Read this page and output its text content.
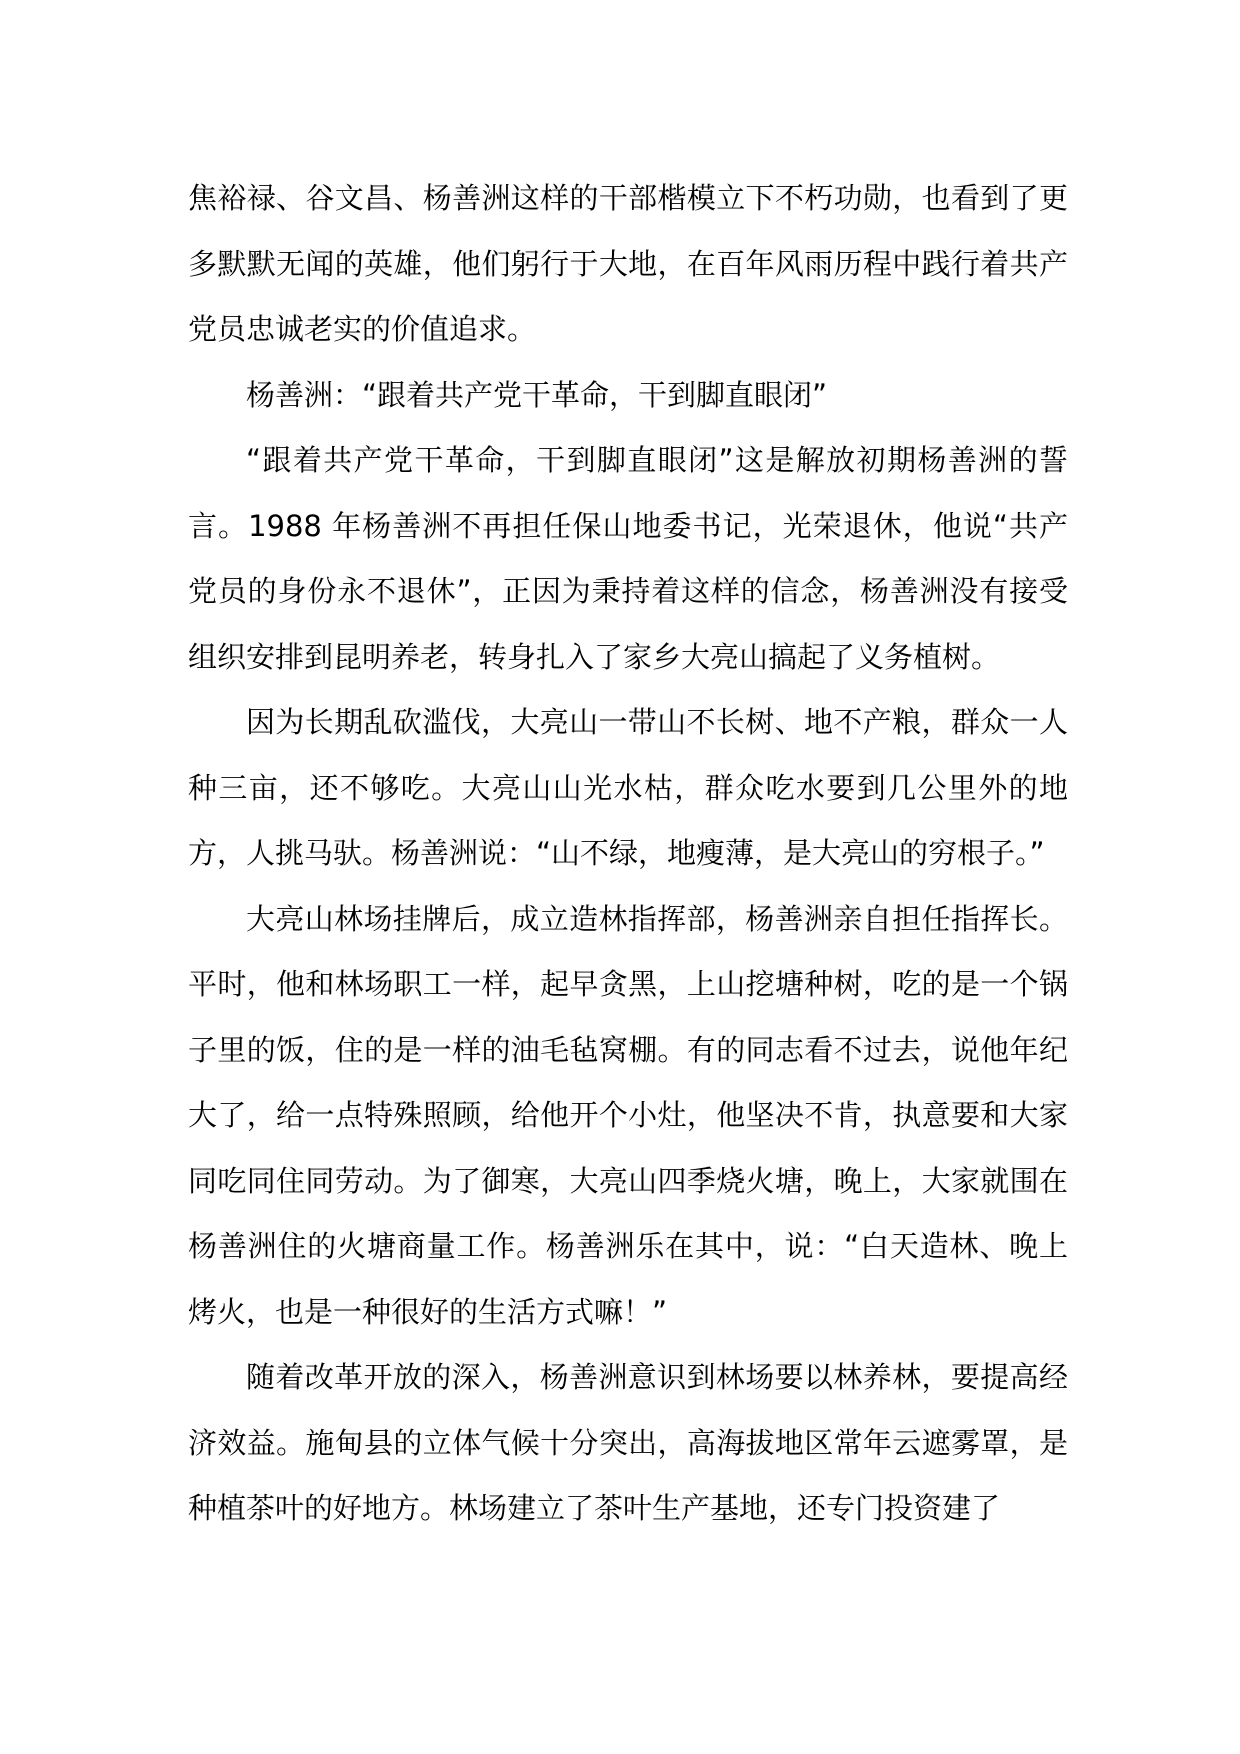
焦裕禄、谷文昌、杨善洲这样的干部楷模立下不朽功勋，也看到了更多默默无闻的英雄，他们躬行于大地，在百年风雨历程中践行着共产党员忠诚老实的价值追求。

杨善洲：“跟着共产党干革命，干到脚直眼闭”

“跟着共产党干革命，干到脚直眼闭”这是解放初期杨善洲的誓言。1988 年杨善洲不再担任保山地委书记，光荣退休，他说“共产党员的身份永不退休”，正因为秉持着这样的信念，杨善洲没有接受组织安排到昆明养老，转身扎入了家乡大亮山搞起了义务植树。

因为长期乱砍滥伐，大亮山一带山不长树、地不产粮，群众一人种三亩，还不够吃。大亮山山光水枯，群众吃水要到几公里外的地方，人挑马驮。杨善洲说：“山不绿，地瘦薄，是大亮山的穷根子。”

大亮山林场挂牌后，成立造林指挥部，杨善洲亲自担任指挥长。平时，他和林场职工一样，起早贪黑，上山挖塘种树，吃的是一个锅子里的饭，住的是一样的油毛毡窝棚。有的同志看不过去，说他年纪大了，给一点特殊照顾，给他开个小灶，他坚决不肯，执意要和大家同吃同住同劳动。为了御寒，大亮山四季烧火塘，晚上，大家就围在杨善洲住的火塘商量工作。杨善洲乐在其中，说：“白天造林、晚上烤火，也是一种很好的生活方式嘛！”

随着改革开放的深入，杨善洲意识到林场要以林养林，要提高经济效益。施甸县的立体气候十分突出，高海拔地区常年云遮雾罩，是种植茶叶的好地方。林场建立了茶叶生产基地，还专门投资建了
